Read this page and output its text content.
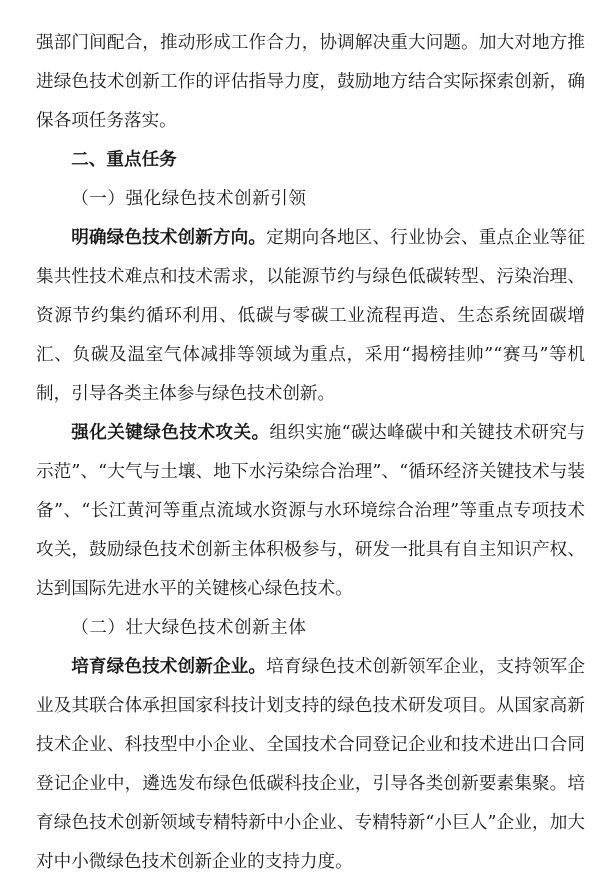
强部门间配合，推动形成工作合力，协调解决重大问题。加大对地方推进绿色技术创新工作的评估指导力度，鼓励地方结合实际探索创新，确保各项任务落实。

二、重点任务

（一）强化绿色技术创新引领

明确绿色技术创新方向。定期向各地区、行业协会、重点企业等征集共性技术难点和技术需求，以能源节约与绿色低碳转型、污染治理、资源节约集约循环利用、低碳与零碳工业流程再造、生态系统固碳增汇、负碳及温室气体减排等领域为重点，采用“揭榜挂帅”“赛马”等机制，引导各类主体参与绿色技术创新。

强化关键绿色技术攻关。组织实施“碳达峰碳中和关键技术研究与示范”、“大气与土壤、地下水污染综合治理”、“循环经济关键技术与装备”、“长江黄河等重点流域水资源与水环境综合治理”等重点专项技术攻关，鼓励绿色技术创新主体积极参与，研发一批具有自主知识产权、达到国际先进水平的关键核心绿色技术。

（二）壮大绿色技术创新主体

培育绿色技术创新企业。培育绿色技术创新领军企业，支持领军企业及其联合体承担国家科技计划支持的绿色技术研发项目。从国家高新技术企业、科技型中小企业、全国技术合同登记企业和技术进出口合同登记企业中，遴选发布绿色低碳科技企业，引导各类创新要素集聚。培育绿色技术创新领域专精特新中小企业、专精特新“小巨人”企业，加大对中小微绿色技术创新企业的支持力度。
